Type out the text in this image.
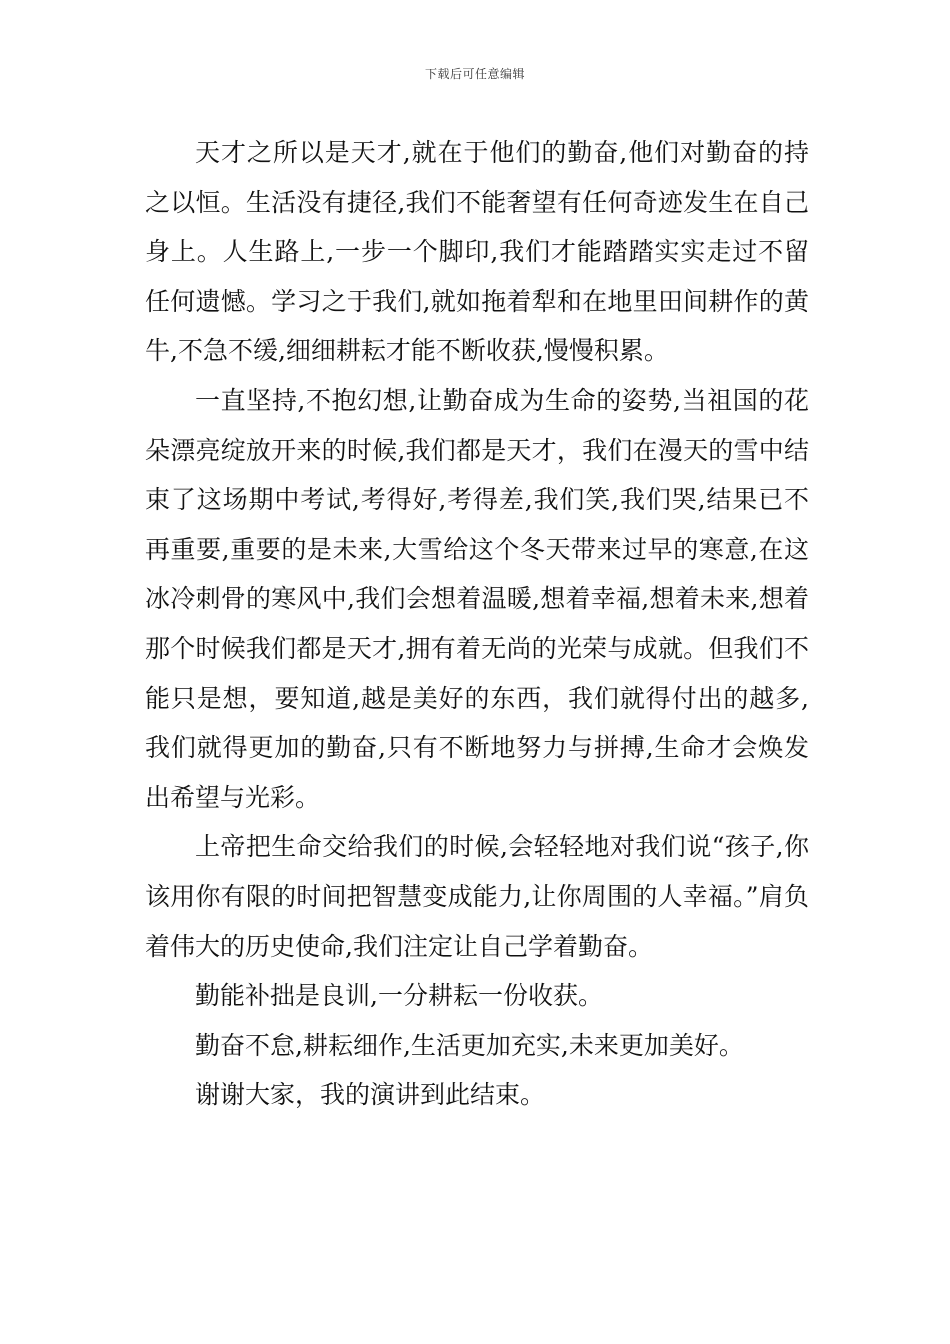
下载后可任意编辑

天才之所以是天才,就在于他们的勤奋,他们对勤奋的持之以恒。生活没有捷径,我们不能奢望有任何奇迹发生在自己身上。人生路上,一步一个脚印,我们才能踏踏实实走过不留任何遗憾。学习之于我们,就如拖着犁和在地里田间耕作的黄牛,不急不缓,细细耕耘才能不断收获,慢慢积累。

一直坚持,不抱幻想,让勤奋成为生命的姿势,当祖国的花朵漂亮绽放开来的时候,我们都是天才，我们在漫天的雪中结束了这场期中考试,考得好,考得差,我们笑,我们哭,结果已不再重要,重要的是未来,大雪给这个冬天带来过早的寒意,在这冰冷刺骨的寒风中,我们会想着温暖,想着幸福,想着未来,想着那个时候我们都是天才,拥有着无尚的光荣与成就。但我们不能只是想，要知道,越是美好的东西，我们就得付出的越多,我们就得更加的勤奋,只有不断地努力与拼搏,生命才会焕发出希望与光彩。

上帝把生命交给我们的时候,会轻轻地对我们说“孩子,你该用你有限的时间把智慧变成能力,让你周围的人幸福。”肩负着伟大的历史使命,我们注定让自己学着勤奋。

勤能补拙是良训,一分耕耘一份收获。

勤奋不怠,耕耘细作,生活更加充实,未来更加美好。

谢谢大家，我的演讲到此结束。
